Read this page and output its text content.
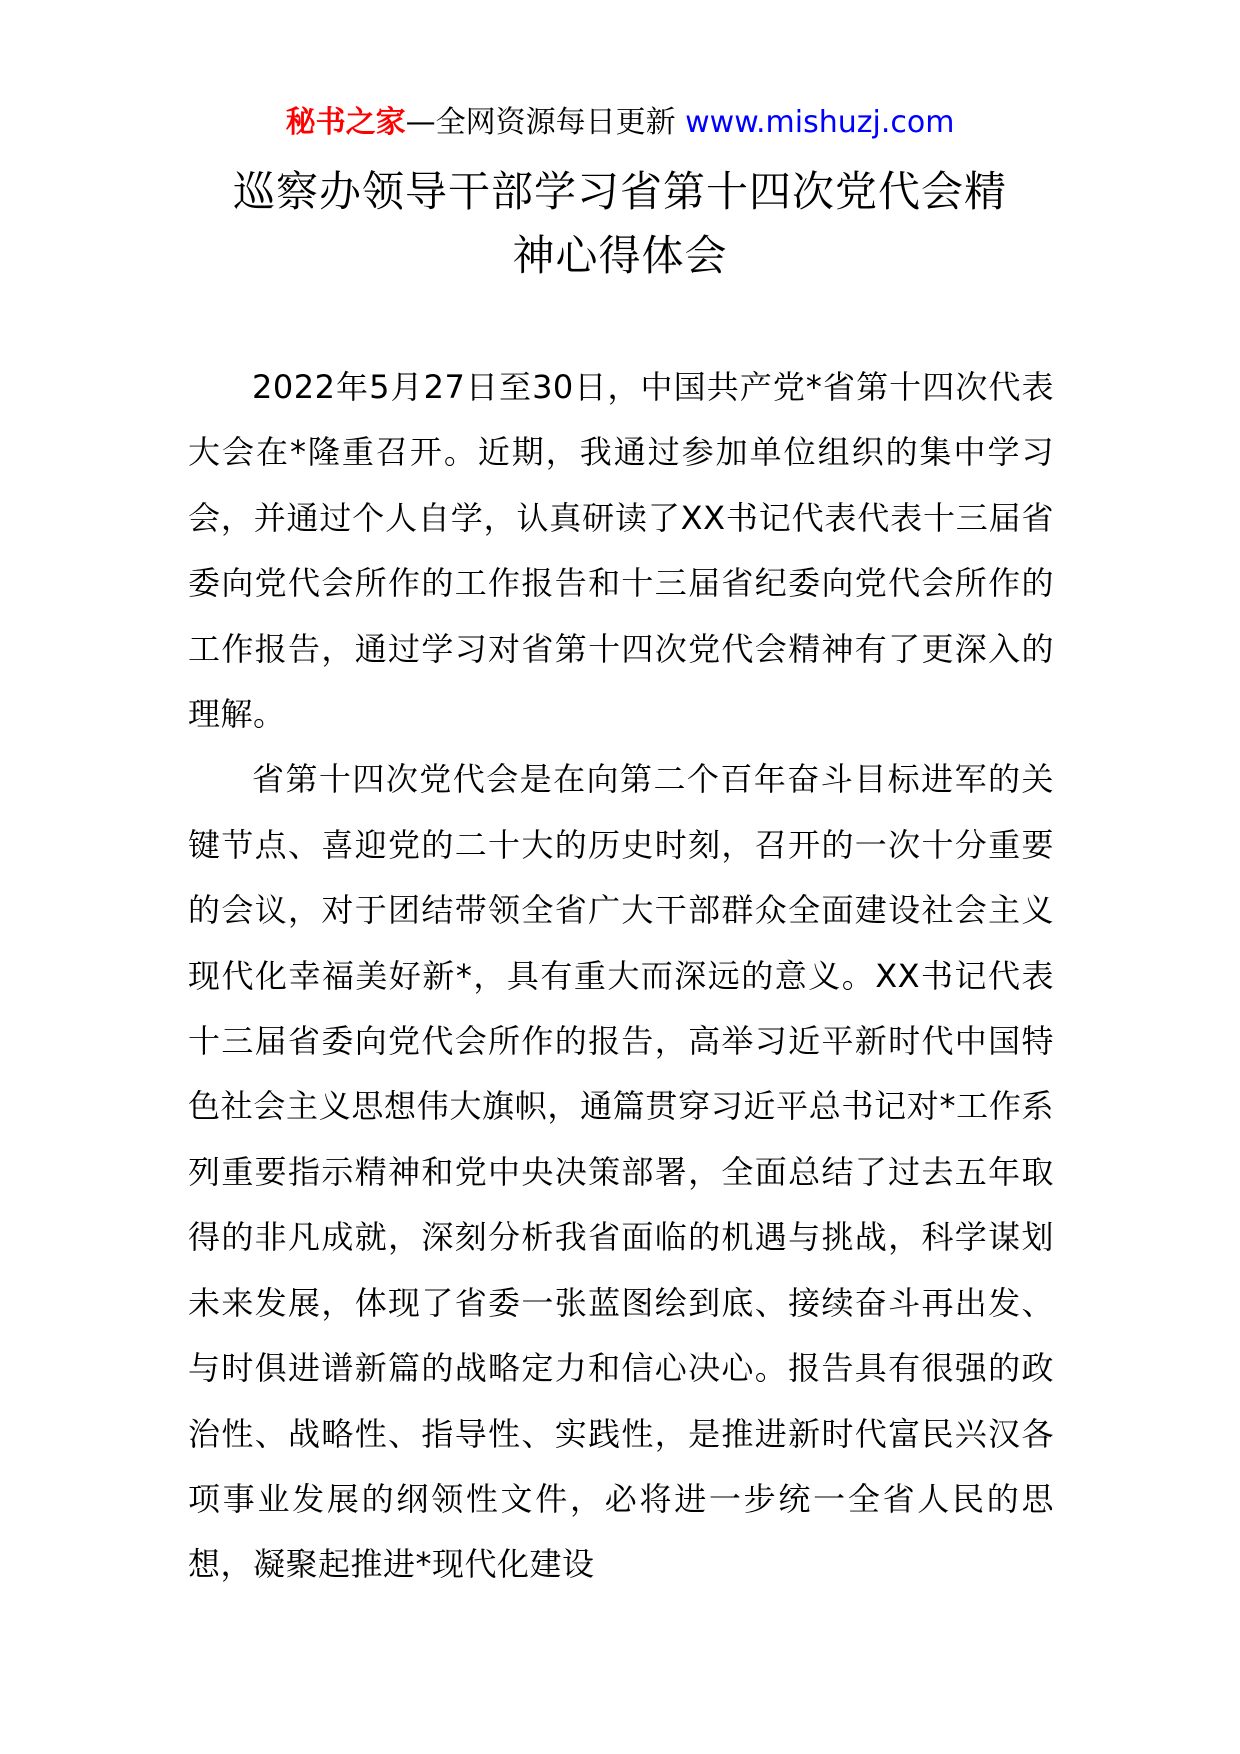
秘书之家—全网资源每日更新 www.mishuzj.com
巡察办领导干部学习省第十四次党代会精
神心得体会

2022年5月27日至30日，中国共产党*省第十四次代表大会在*隆重召开。近期，我通过参加单位组织的集中学习会，并通过个人自学，认真研读了XX书记代表代表十三届省委向党代会所作的工作报告和十三届省纪委向党代会所作的工作报告，通过学习对省第十四次党代会精神有了更深入的理解。

省第十四次党代会是在向第二个百年奋斗目标进军的关键节点、喜迎党的二十大的历史时刻，召开的一次十分重要的会议，对于团结带领全省广大干部群众全面建设社会主义现代化幸福美好新*，具有重大而深远的意义。XX书记代表十三届省委向党代会所作的报告，高举习近平新时代中国特色社会主义思想伟大旗帜，通篇贯穿习近平总书记对*工作系列重要指示精神和党中央决策部署，全面总结了过去五年取得的非凡成就，深刻分析我省面临的机遇与挑战，科学谋划未来发展，体现了省委一张蓝图绘到底、接续奋斗再出发、与时俱进谱新篇的战略定力和信心决心。报告具有很强的政治性、战略性、指导性、实践性，是推进新时代富民兴汉各项事业发展的纲领性文件，必将进一步统一全省人民的思想，凝聚起推进*现代化建设
